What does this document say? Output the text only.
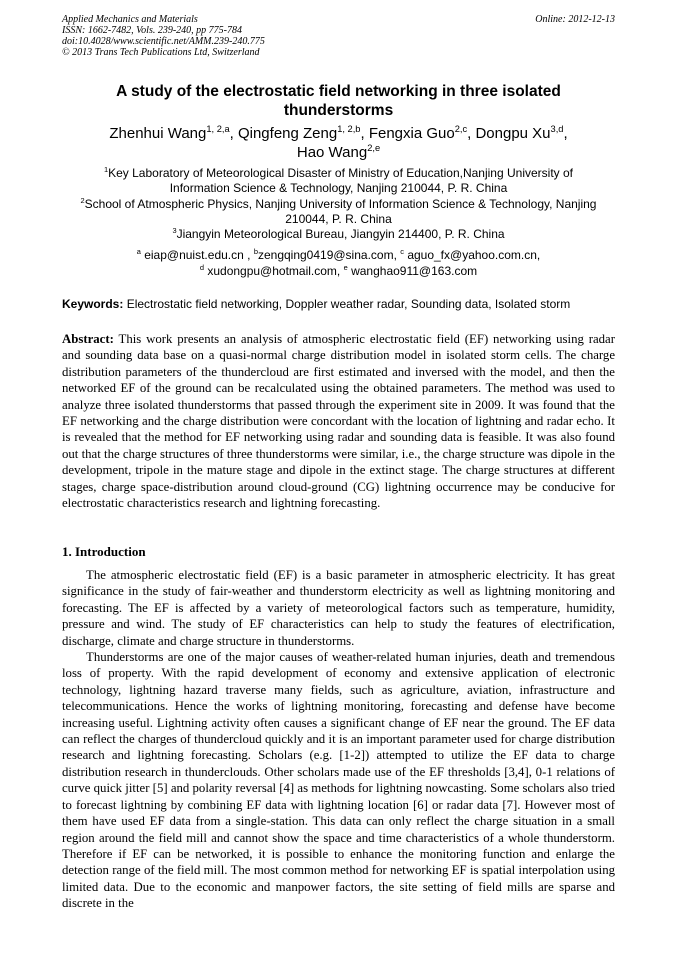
Applied Mechanics and Materials
ISSN: 1662-7482, Vols. 239-240, pp 775-784
doi:10.4028/www.scientific.net/AMM.239-240.775
© 2013 Trans Tech Publications Ltd, Switzerland
Online: 2012-12-13
A study of the electrostatic field networking in three isolated
thunderstorms
Zhenhui Wang$^{1, 2,a}$, Qingfeng Zeng$^{1, 2,b}$, Fengxia Guo$^{2,c}$, Dongpu Xu$^{3,d}$,
Hao Wang$^{2,e}$
$^1$Key Laboratory of Meteorological Disaster of Ministry of Education,Nanjing University of
Information Science & Technology, Nanjing 210044, P. R. China
$^2$School of Atmospheric Physics, Nanjing University of Information Science & Technology, Nanjing
210044, P. R. China
$^3$Jiangyin Meteorological Bureau, Jiangyin 214400, P. R. China
$^a$ eiap@nuist.edu.cn , $^b$zengqing0419@sina.com, $^c$ aguo_fx@yahoo.com.cn,
$^d$ xudongpu@hotmail.com, $^e$ wanghao911@163.com
Keywords: Electrostatic field networking, Doppler weather radar, Sounding data, Isolated storm
Abstract: This work presents an analysis of atmospheric electrostatic field (EF) networking using radar and sounding data base on a quasi-normal charge distribution model in isolated storm cells. The charge distribution parameters of the thundercloud are first estimated and inversed with the model, and then the networked EF of the ground can be recalculated using the obtained parameters. The method was used to analyze three isolated thunderstorms that passed through the experiment site in 2009. It was found that the EF networking and the charge distribution were concordant with the location of lightning and radar echo. It is revealed that the method for EF networking using radar and sounding data is feasible. It was also found out that the charge structures of three thunderstorms were similar, i.e., the charge structure was dipole in the development, tripole in the mature stage and dipole in the extinct stage. The charge structures at different stages, charge space-distribution around cloud-ground (CG) lightning occurrence may be conducive for electrostatic characteristics research and lightning forecasting.
1. Introduction

The atmospheric electrostatic field (EF) is a basic parameter in atmospheric electricity. It has great significance in the study of fair-weather and thunderstorm electricity as well as lightning monitoring and forecasting. The EF is affected by a variety of meteorological factors such as temperature, humidity, pressure and wind. The study of EF characteristics can help to study the features of electrification, discharge, climate and charge structure in thunderstorms.

Thunderstorms are one of the major causes of weather-related human injuries, death and tremendous loss of property. With the rapid development of economy and extensive application of electronic technology, lightning hazard traverse many fields, such as agriculture, aviation, infrastructure and telecommunications. Hence the works of lightning monitoring, forecasting and defense have become increasing useful. Lightning activity often causes a significant change of EF near the ground. The EF data can reflect the charges of thundercloud quickly and it is an important parameter used for charge distribution research and lightning forecasting. Scholars (e.g. [1-2]) attempted to utilize the EF data to charge distribution research in thunderclouds. Other scholars made use of the EF thresholds [3,4], 0-1 relations of curve quick jitter [5] and polarity reversal [4] as methods for lightning nowcasting. Some scholars also tried to forecast lightning by combining EF data with lightning location [6] or radar data [7]. However most of them have used EF data from a single-station. This data can only reflect the charge situation in a small region around the field mill and cannot show the space and time characteristics of a whole thunderstorm. Therefore if EF can be networked, it is possible to enhance the monitoring function and enlarge the detection range of the field mill. The most common method for networking EF is spatial interpolation using limited data. Due to the economic and manpower factors, the site setting of field mills are sparse and discrete in the
